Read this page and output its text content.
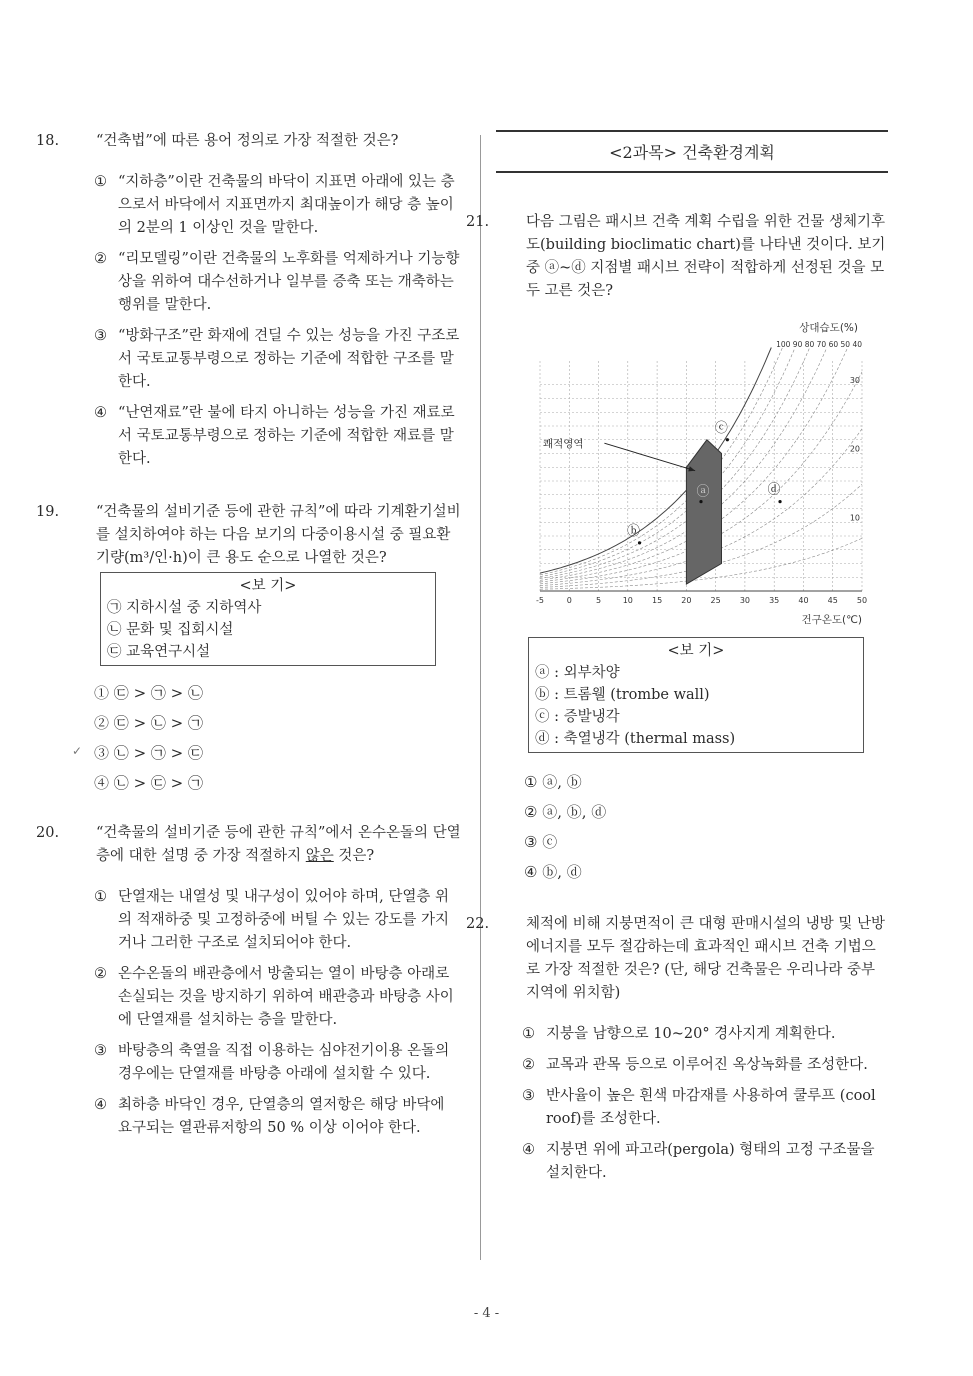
18.	“건축법”에 따른 용어 정의로 가장 적절한 것은?

① “지하층”이란 건축물의 바닥이 지표면 아래에 있는 층으로서 바닥에서 지표면까지 최대높이가 해당 층 높이의 2분의 1 이상인 것을 말한다.

② “리모델링”이란 건축물의 노후화를 억제하거나 기능향상을 위하여 대수선하거나 일부를 증축 또는 개축하는 행위를 말한다.

③ “방화구조”란 화재에 견딜 수 있는 성능을 가진 구조로서 국토교통부령으로 정하는 기준에 적합한 구조를 말한다.

④ “난연재료”란 불에 타지 아니하는 성능을 가진 재료로서 국토교통부령으로 정하는 기준에 적합한 재료를 말한다.

19.	“건축물의 설비기준 등에 관한 규칙”에 따라 기계환기설비를 설치하여야 하는 다음 보기의 다중이용시설 중 필요환기량(m³/인·h)이 큰 용도 순으로 나열한 것은?

<보 기>
㉠ 지하시설 중 지하역사
㉡ 문화 및 집회시설
㉢ 교육연구시설

① ㉢ > ㉠ > ㉡

② ㉢ > ㉡ > ㉠

✓ ③ ㉡ > ㉠ > ㉢

④ ㉡ > ㉢ > ㉠

20.	“건축물의 설비기준 등에 관한 규칙”에서 온수온돌의 단열층에 대한 설명 중 가장 적절하지 않은 것은?

① 단열재는 내열성 및 내구성이 있어야 하며, 단열층 위의 적재하중 및 고정하중에 버틸 수 있는 강도를 가지거나 그러한 구조로 설치되어야 한다.

② 온수온돌의 배관층에서 방출되는 열이 바탕층 아래로 손실되는 것을 방지하기 위하여 배관층과 바탕층 사이에 단열재를 설치하는 층을 말한다.

③ 바탕층의 축열을 직접 이용하는 심야전기이용 온돌의 경우에는 단열재를 바탕층 아래에 설치할 수 있다.

④ 최하층 바닥인 경우, 단열층의 열저항은 해당 바닥에 요구되는 열관류저항의 50 % 이상 이어야 한다.

<2과목> 건축환경계획

21.	다음 그림은 패시브 건축 계획 수립을 위한 건물 생체기후도(building bioclimatic chart)를 나타낸 것이다. 보기 중 ⓐ~ⓓ 지점별 패시브 전략이 적합하게 선정된 것을 모두 고른 것은?

상대습도(%)
100 90 80 70 60 50 40
쾌적영역
-5	0	5	10 15 20 25 30 35 40 45 50
30
20
10
ⓐ
ⓑ
ⓒ
ⓓ
건구온도(℃)
<보 기>
ⓐ : 외부차양
ⓑ : 트롬웰 (trombe wall)
ⓒ : 증발냉각
ⓓ : 축열냉각 (thermal mass)

① ⓐ, ⓑ

② ⓐ, ⓑ, ⓓ

③ ⓒ

④ ⓑ, ⓓ

22.	체적에 비해 지붕면적이 큰 대형 판매시설의 냉방 및 난방에너지를 모두 절감하는데 효과적인 패시브 건축 기법으로 가장 적절한 것은? (단, 해당 건축물은 우리나라 중부지역에 위치함)

① 지붕을 남향으로 10~20° 경사지게 계획한다.

② 교목과 관목 등으로 이루어진 옥상녹화를 조성한다.

③ 반사율이 높은 흰색 마감재를 사용하여 쿨루프 (cool roof)를 조성한다.

④ 지붕면 위에 파고라(pergola) 형태의 고정 구조물을 설치한다.

- 4 -
